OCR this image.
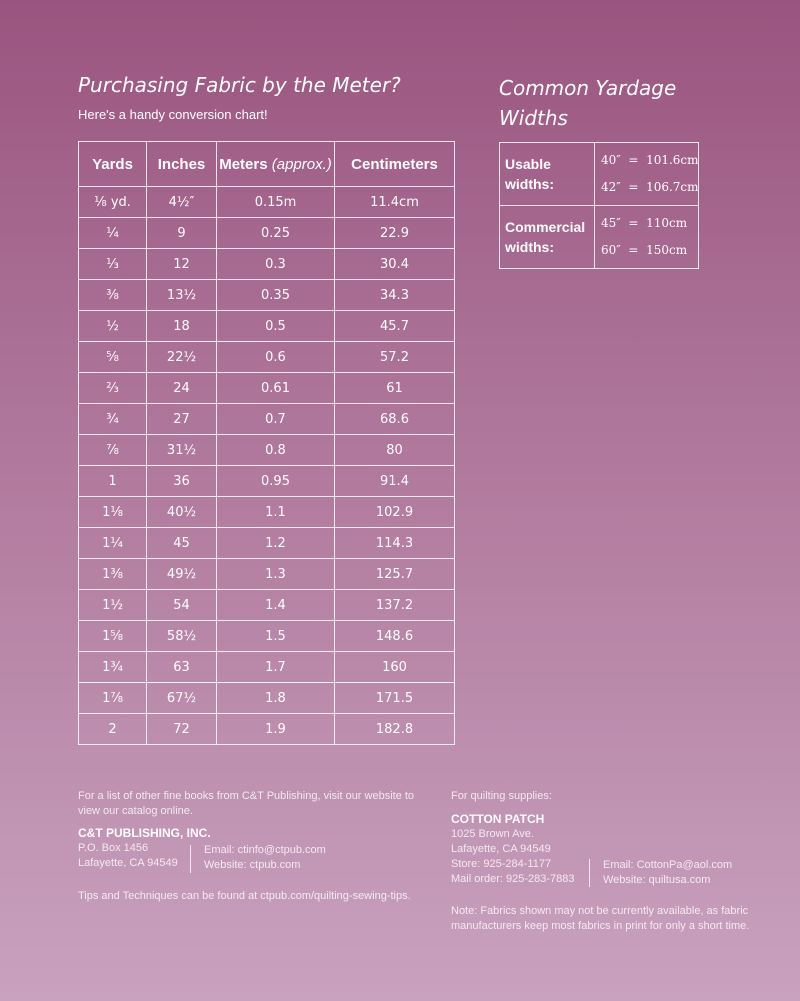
Purchasing Fabric by the Meter?
Here's a handy conversion chart!
Yards	Inches	Meters (approx.)	Centimeters
⅛ yd.	4½″	0.15m	11.4cm
¼	9	0.25	22.9
⅓	12	0.3	30.4
⅜	13½	0.35	34.3
½	18	0.5	45.7
⅝	22½	0.6	57.2
⅔	24	0.61	61
¾	27	0.7	68.6
⅞	31½	0.8	80
1	36	0.95	91.4
1⅛	40½	1.1	102.9
1¼	45	1.2	114.3
1⅜	49½	1.3	125.7
1½	54	1.4	137.2
1⅝	58½	1.5	148.6
1¾	63	1.7	160
1⅞	67½	1.8	171.5
2	72	1.9	182.8
Common Yardage Widths
Usable widths:	40″  =  101.6cm
42″  =  106.7cm

Commercial widths:	45″  =  110cm
60″  =  150cm
For a list of other fine books from C&T Publishing, visit our website to view our catalog online.
C&T PUBLISHING, INC.
P.O. Box 1456
Lafayette, CA 94549
Email: ctinfo@ctpub.com
Website: ctpub.com
Tips and Techniques can be found at ctpub.com/quilting-sewing-tips.
For quilting supplies:
COTTON PATCH
1025 Brown Ave.
Lafayette, CA 94549
Store: 925-284-1177
Mail order: 925-283-7883
Email: CottonPa@aol.com
Website: quiltusa.com
Note: Fabrics shown may not be currently available, as fabric manufacturers keep most fabrics in print for only a short time.
